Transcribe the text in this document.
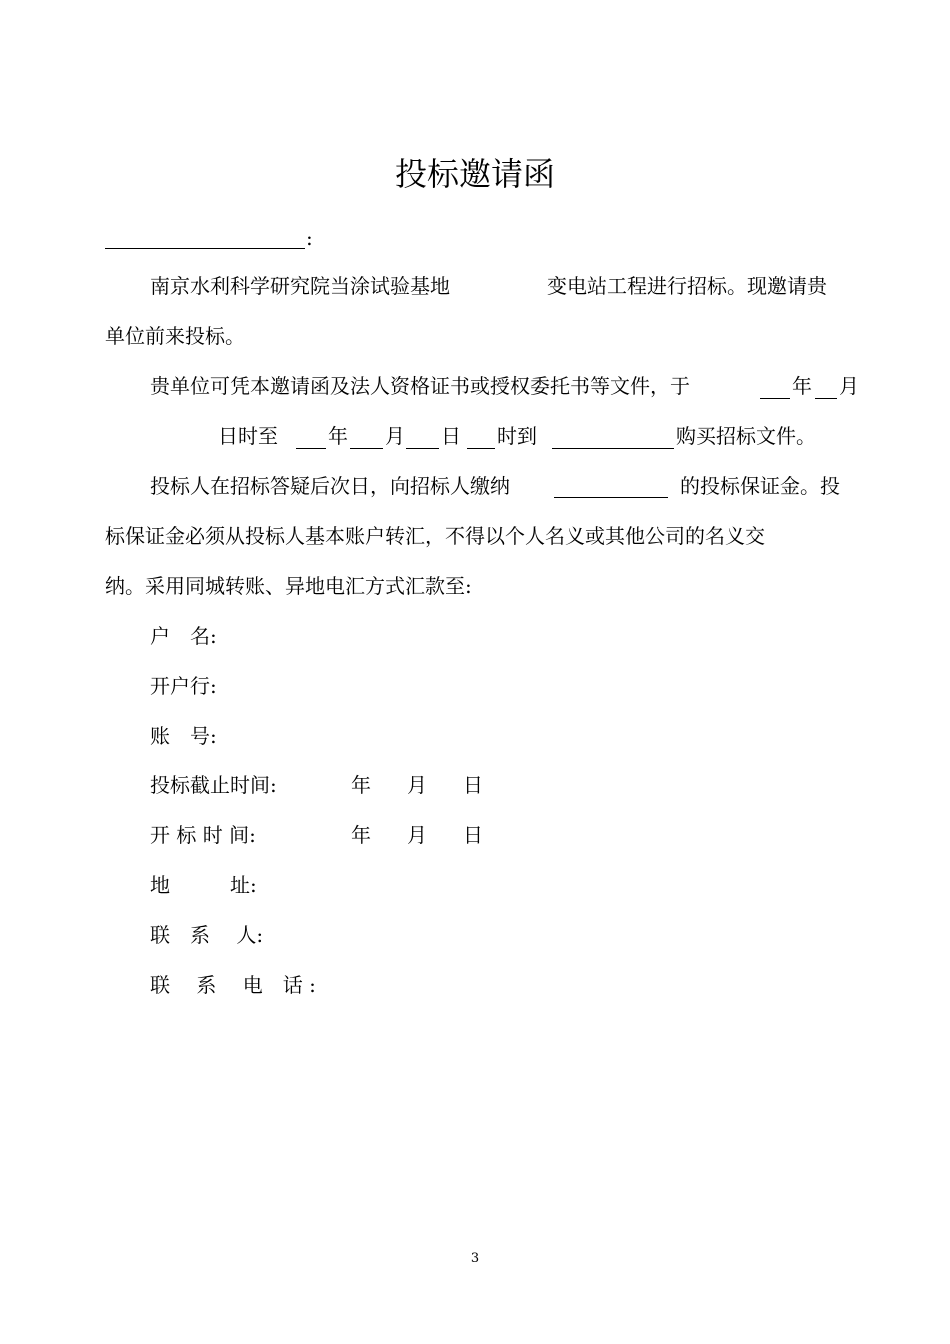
投标邀请函
:
南京水利科学研究院当涂试验基地	变电站工程进行招标。现邀请贵
单位前来投标。
贵单位可凭本邀请函及法人资格证书或授权委托书等文件，于	年 月
日时至	年 月 日 时到	购买招标文件。
投标人在招标答疑后次日，向招标人缴纳	的投标保证金。投
标保证金必须从投标人基本账户转汇，不得以个人名义或其他公司的名义交
纳。采用同城转账、异地电汇方式汇款至:
户　名:
开户行:
账　号:
投标截止时间:	年 月 日
开 标 时 间:	年 月 日
地　　　址:
联　系　 人:
联　 系　 电　话 :
3
